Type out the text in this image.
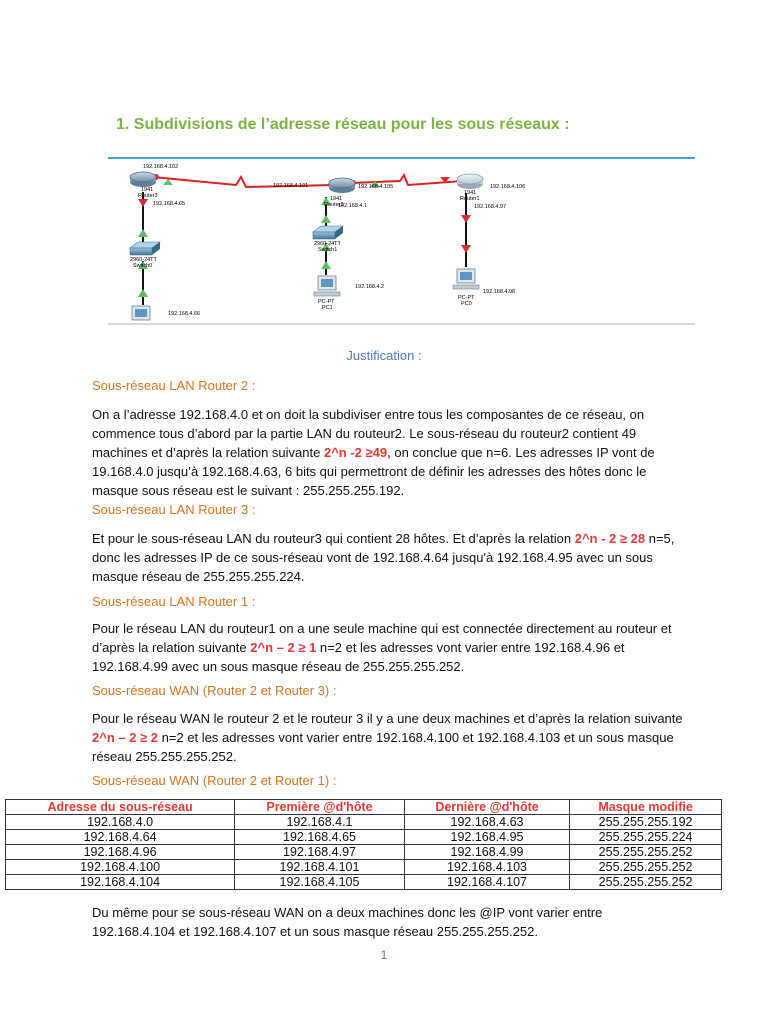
1. Subdivisions de l’adresse réseau pour les sous réseaux :
192.168.4.102
1941
Router3
192.168.4.65
192.168.4.101	192.168.4.105
1941
Router2
192.168.4.1
192.168.4.106
1941
Router1
192.168.4.97
2960-24TT
Switch0
2960-24TT
Switch1
192.168.4.66
192.168.4.2
PC-PT
PC1
192.168.4.98
PC-PT
PC0
Justification :
Sous-réseau LAN Router 2 :

On a l’adresse 192.168.4.0 et on doit la subdiviser entre tous les composantes de ce réseau, on commence tous d’abord par la partie LAN du routeur2. Le sous-réseau du routeur2 contient 49 machines et d’après la relation suivante 2^n -2 ≥49, on conclue que n=6. Les adresses IP vont de 19.168.4.0 jusqu’à 192.168.4.63, 6 bits qui permettront de définir les adresses des hôtes donc le masque sous réseau est le suivant : 255.255.255.192.

Sous-réseau LAN Router 3 :

Et pour le sous-réseau LAN du routeur3 qui contient 28 hôtes. Et d’après la relation 2^n - 2 ≥ 28 n=5, donc les adresses IP de ce sous-réseau vont de 192.168.4.64 jusqu'à 192.168.4.95 avec un sous masque réseau de 255.255.255.224.

Sous-réseau LAN Router 1 :

Pour le réseau LAN du routeur1 on a une seule machine qui est connectée directement au routeur et d’après la relation suivante 2^n – 2 ≥ 1 n=2 et les adresses vont varier entre 192.168.4.96 et 192.168.4.99 avec un sous masque réseau de 255.255.255.252.

Sous-réseau WAN (Router 2 et Router 3) :

Pour le réseau WAN le routeur 2 et le routeur 3 il y a une deux machines et d’après la relation suivante 2^n – 2 ≥ 2 n=2 et les adresses vont varier entre 192.168.4.100 et 192.168.4.103 et un sous masque réseau 255.255.255.252.

Sous-réseau WAN (Router 2 et Router 1) :
Adresse du sous-réseau	Première @d'hôte	Dernière @d'hôte	Masque modifie
192.168.4.0	192.168.4.1	192.168.4.63	255.255.255.192
192.168.4.64	192.168.4.65	192.168.4.95	255.255.255.224
192.168.4.96	192.168.4.97	192.168.4.99	255.255.255.252
192.168.4.100	192.168.4.101	192.168.4.103	255.255.255.252
192.168.4.104	192.168.4.105	192.168.4.107	255.255.255.252

Du même pour se sous-réseau WAN on a deux machines donc les @IP vont varier entre 192.168.4.104 et 192.168.4.107 et un sous masque réseau 255.255.255.252.

1
